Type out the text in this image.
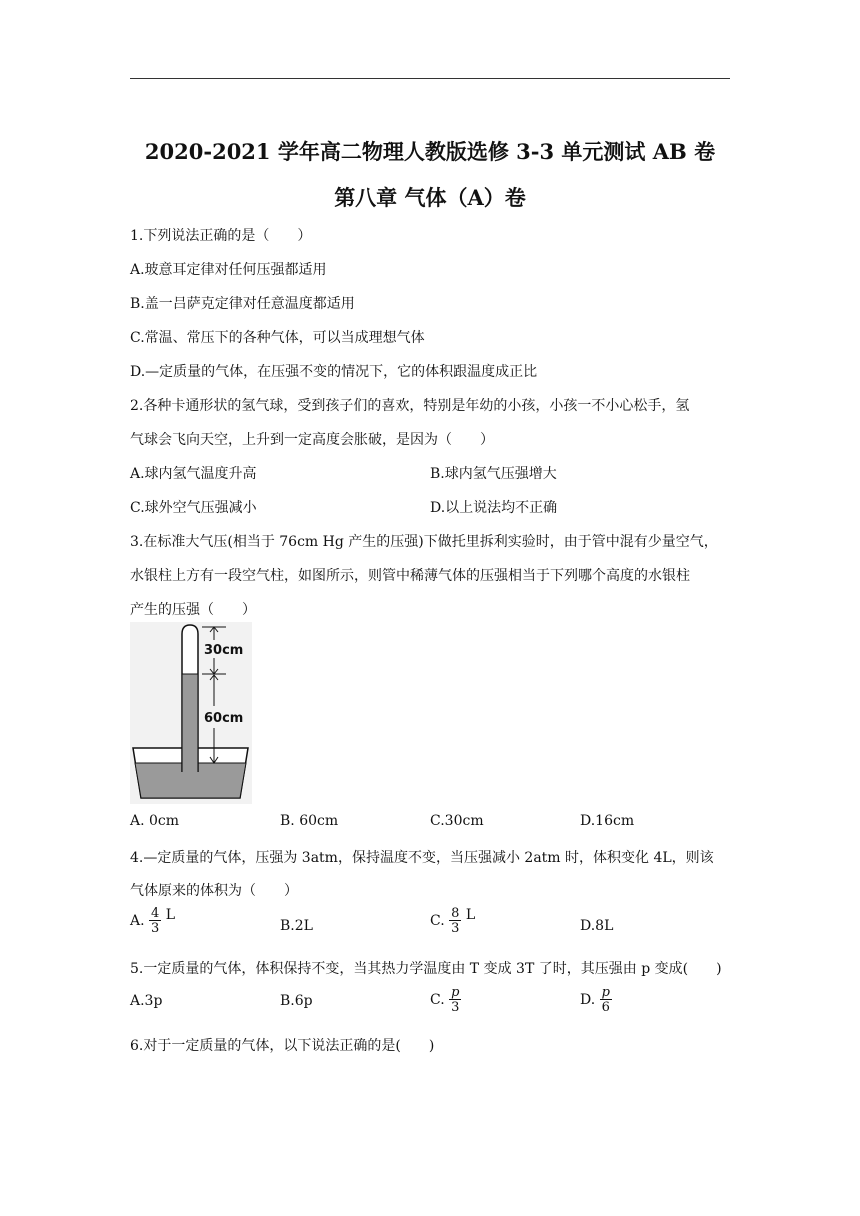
2020-2021 学年高二物理人教版选修 3-3 单元测试 AB 卷
第八章 气体（A）卷
1.下列说法正确的是（　　）
A.玻意耳定律对任何压强都适用
B.盖一吕萨克定律对任意温度都适用
C.常温、常压下的各种气体，可以当成理想气体
D.—定质量的气体，在压强不变的情况下，它的体积跟温度成正比
2.各种卡通形状的氢气球，受到孩子们的喜欢，特别是年幼的小孩，小孩一不小心松手，氢
气球会飞向天空，上升到一定高度会胀破，是因为（　　）
A.球内氢气温度升高	B.球内氢气压强增大
C.球外空气压强减小	D.以上说法均不正确
3.在标准大气压(相当于 76cm Hg 产生的压强)下做托里拆利实验时，由于管中混有少量空气，
水银柱上方有一段空气柱，如图所示，则管中稀薄气体的压强相当于下列哪个高度的水银柱
产生的压强（　　）
30cm
60cm
A. 0cm	B. 60cm	C.30cm	D.16cm
4.—定质量的气体，压强为 3atm，保持温度不变，当压强减小 2atm 时，体积变化 4L，则该
气体原来的体积为（　　）
A. $\frac{4}{3}$ L
B.2L	C. $\frac{8}{3}$ L
D.8L
5.一定质量的气体，体积保持不变，当其热力学温度由 T 变成 3T 了时，其压强由 p 变成(　　)
A.3p	B.6p	C. $\frac{p}{3}$	D. $\frac{p}{6}$
6.对于一定质量的气体，以下说法正确的是(　　)
